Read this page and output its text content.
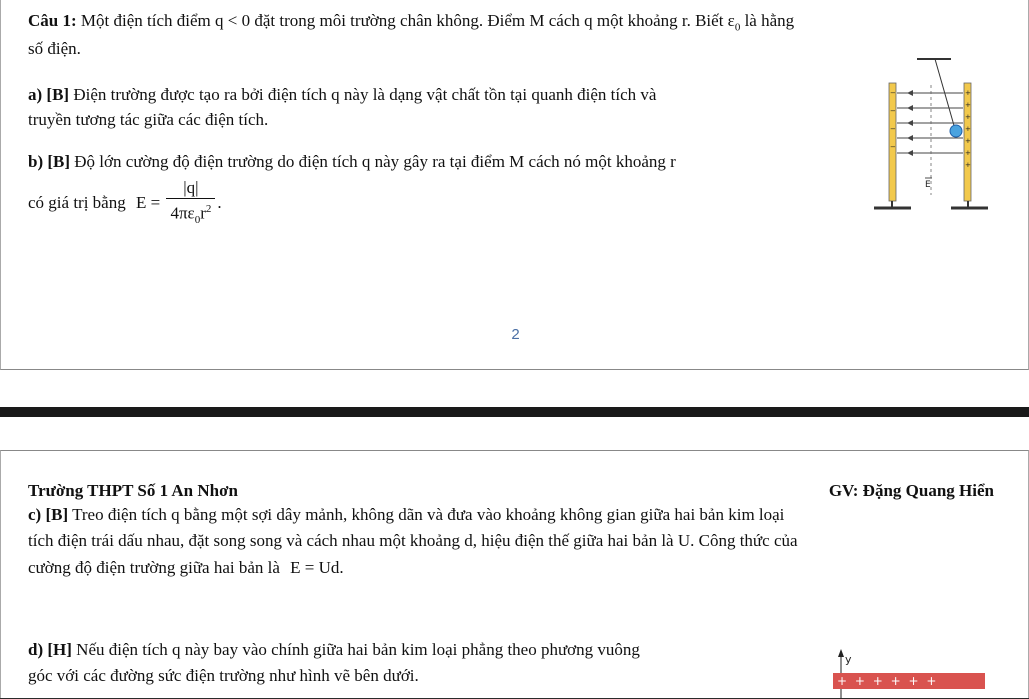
Câu 1: Một điện tích điểm q < 0 đặt trong môi trường chân không. Điểm M cách q một khoảng r. Biết $\varepsilon_0$ là hằng
số điện.
a) [B] Điện trường được tạo ra bởi điện tích q này là dạng vật chất tồn tại quanh điện tích và
truyền tương tác giữa các điện tích.
b) [B] Độ lớn cường độ điện trường do điện tích q này gây ra tại điểm M cách nó một khoảng r
có giá trị bằng $E = \frac{|q|}{4\pi\varepsilon_0r^2}$ .
−
−
−
−
+
+
+
+
+
+
+
E
2
Trường THPT Số 1 An Nhơn	GV: Đặng Quang Hiển
c) [B] Treo điện tích q bằng một sợi dây mảnh, không dãn và đưa vào khoảng không gian giữa hai bản kim loại
tích điện trái dấu nhau, đặt song song và cách nhau một khoảng d, hiệu điện thế giữa hai bản là U. Công thức của
cường độ điện trường giữa hai bản là E = Ud.
d) [H] Nếu điện tích q này bay vào chính giữa hai bản kim loại phẳng theo phương vuông
góc với các đường sức điện trường như hình vẽ bên dưới.
y
+ + + + + +
